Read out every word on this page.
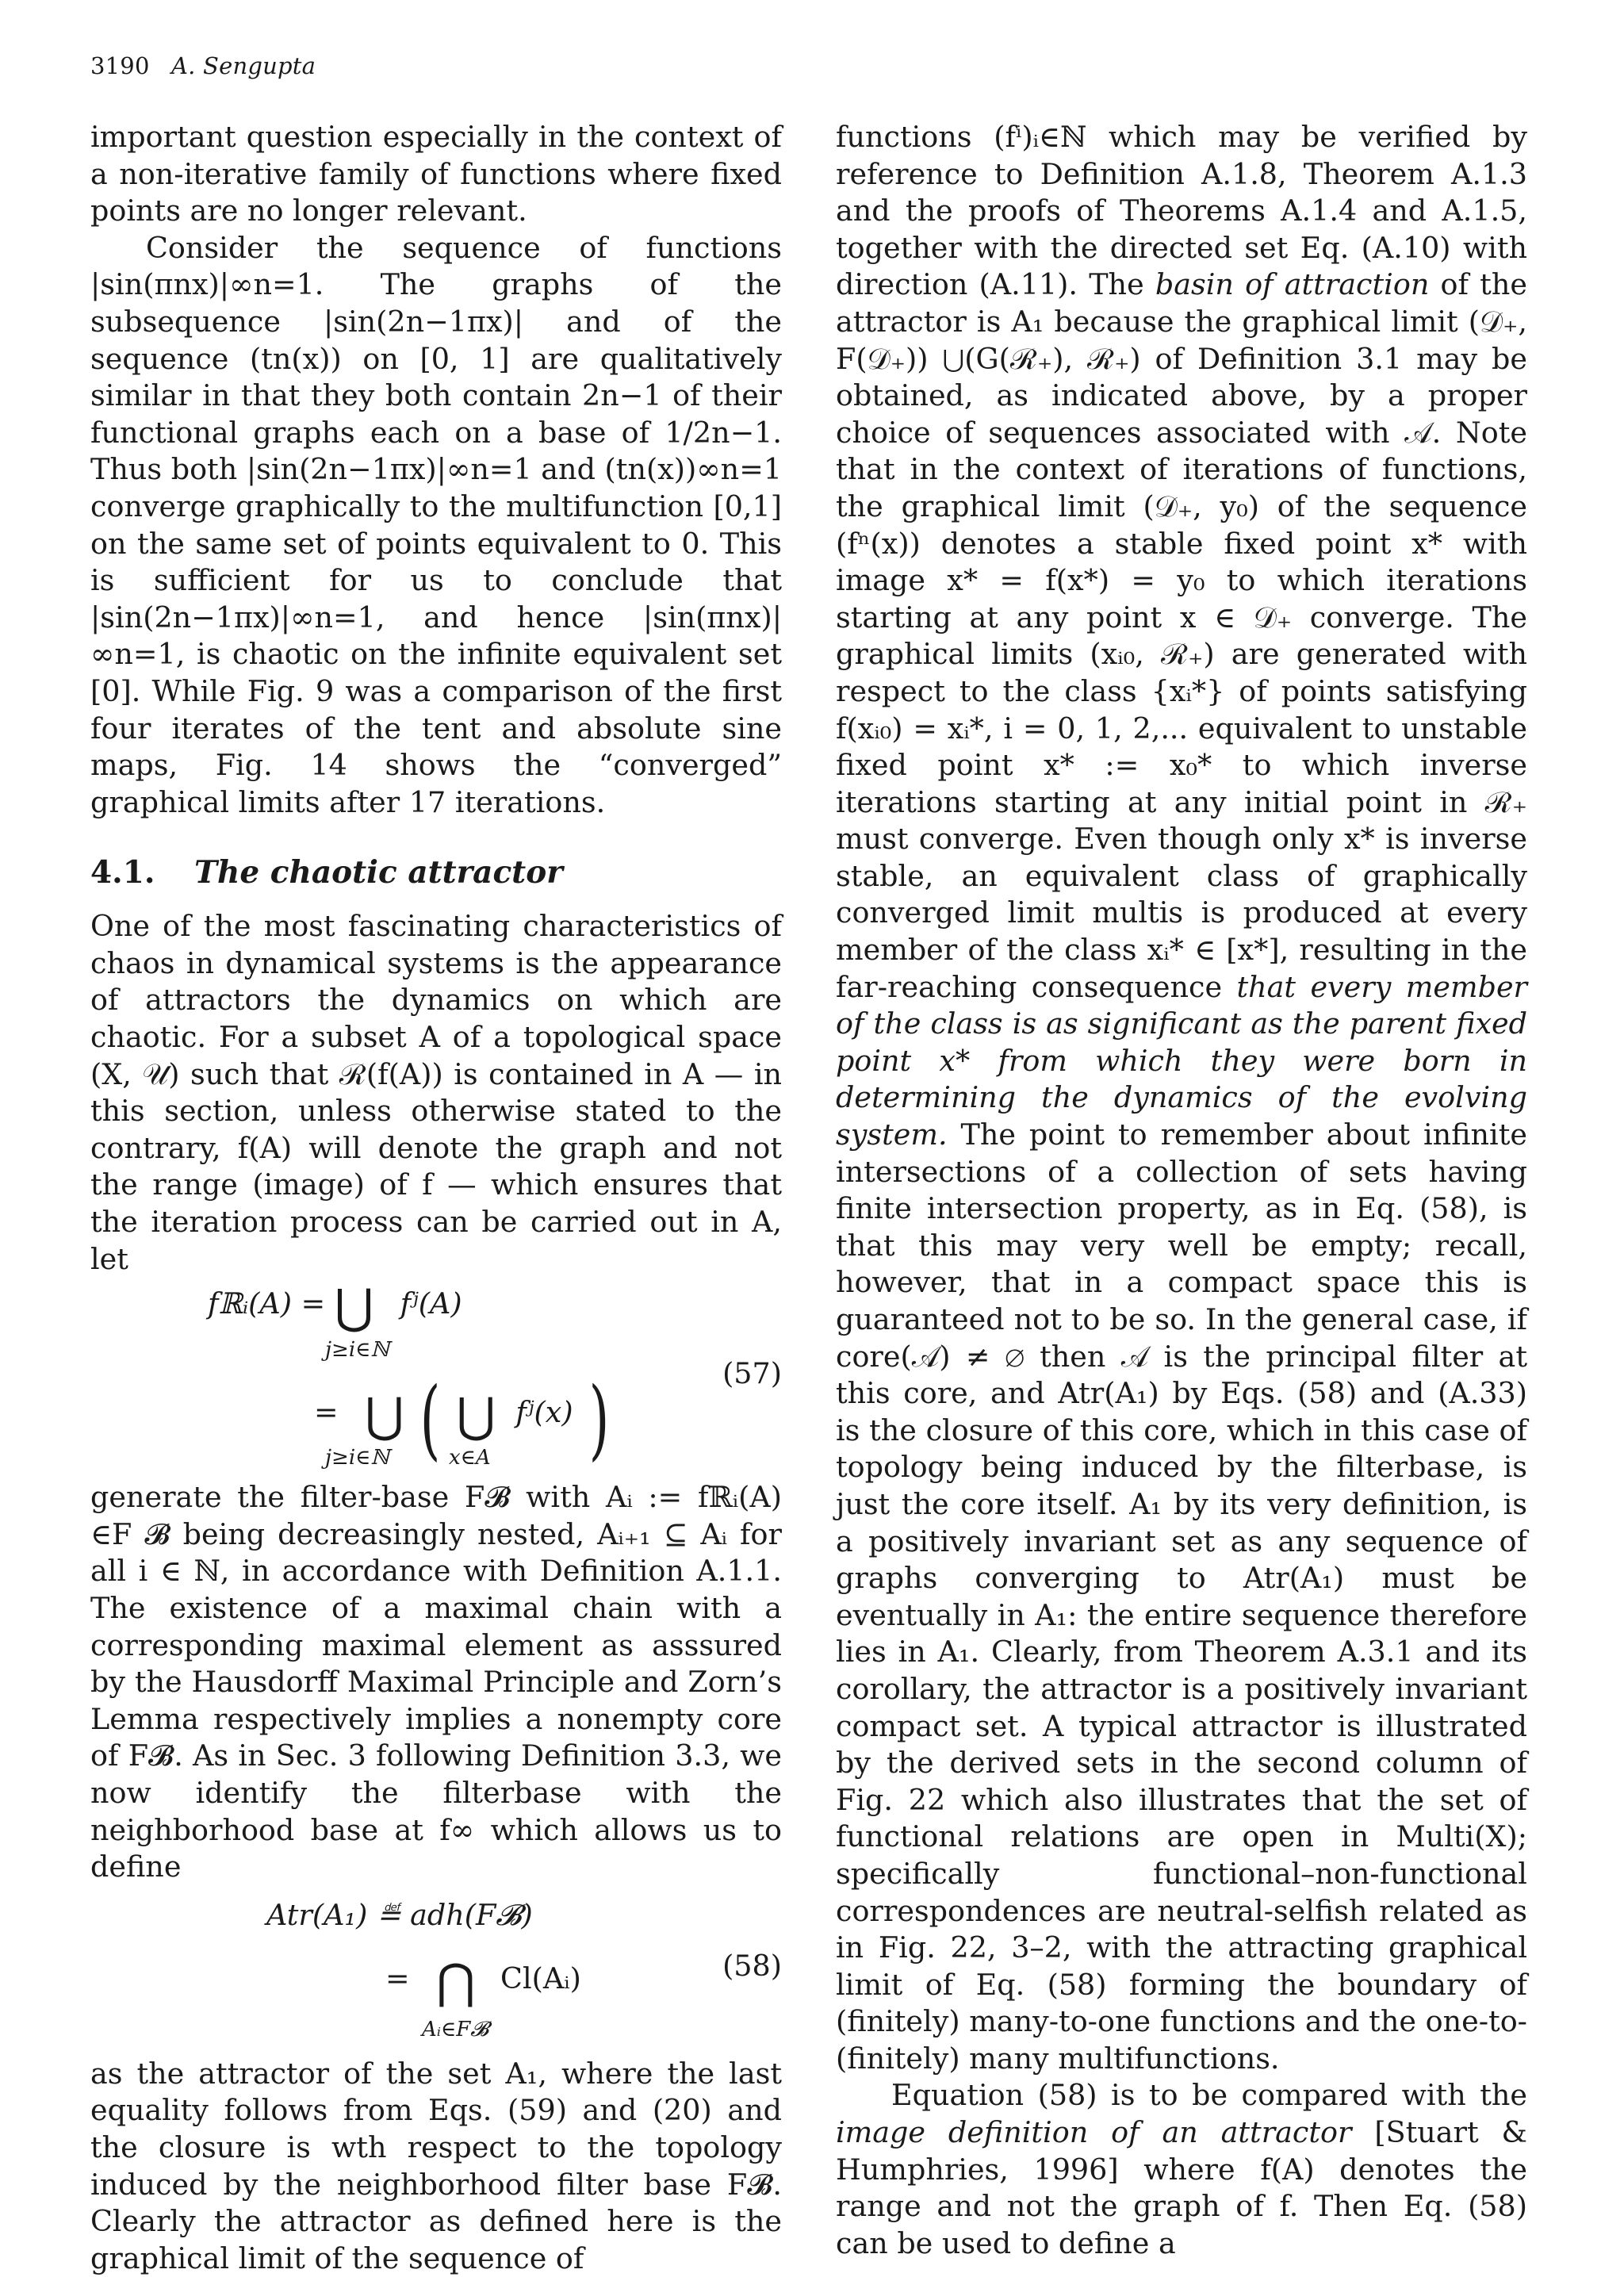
3190 A. Sengupta

important question especially in the context of a non-iterative family of functions where fixed points are no longer relevant.

Consider the sequence of functions |sin(πnx)|∞n=1. The graphs of the subsequence |sin(2n−1πx)| and of the sequence (tn(x)) on [0, 1] are qualitatively similar in that they both contain 2n−1 of their functional graphs each on a base of 1/2n−1. Thus both |sin(2n−1πx)|∞n=1 and (tn(x))∞n=1 converge graphically to the multifunction [0,1] on the same set of points equivalent to 0. This is sufficient for us to conclude that |sin(2n−1πx)|∞n=1, and hence |sin(πnx)|∞n=1, is chaotic on the infinite equivalent set [0]. While Fig. 9 was a comparison of the first four iterates of the tent and absolute sine maps, Fig. 14 shows the “converged” graphical limits after 17 iterations.

4.1. The chaotic attractor

One of the most fascinating characteristics of chaos in dynamical systems is the appearance of attractors the dynamics on which are chaotic. For a subset A of a topological space (X, 𝒰) such that ℛ(f(A)) is contained in A — in this section, unless otherwise stated to the contrary, f(A) will denote the graph and not the range (image) of f — which ensures that the iteration process can be carried out in A, let

fℝᵢ(A) = ⋃ fʲ(A)
j≥i∈ℕ
= ⋃ ( ⋃ fʲ(x) )
j≥i∈ℕ	x∈A
(57)

generate the filter-base F𝓑 with Aᵢ := fℝᵢ(A) ∈F 𝓑 being decreasingly nested, Aᵢ₊₁ ⊆ Aᵢ for all i ∈ ℕ, in accordance with Definition A.1.1. The existence of a maximal chain with a corresponding maximal element as asssured by the Hausdorff Maximal Principle and Zorn’s Lemma respectively implies a nonempty core of F𝓑. As in Sec. 3 following Definition 3.3, we now identify the filterbase with the neighborhood base at f∞ which allows us to define

Atr(A₁) ≝ adh(F𝓑)
= ⋂ Cl(Aᵢ)
Aᵢ∈F𝓑
(58)

as the attractor of the set A₁, where the last equality follows from Eqs. (59) and (20) and the closure is wth respect to the topology induced by the neighborhood filter base F𝓑. Clearly the attractor as defined here is the graphical limit of the sequence of

functions (fⁱ)ᵢ∈ℕ which may be verified by reference to Definition A.1.8, Theorem A.1.3 and the proofs of Theorems A.1.4 and A.1.5, together with the directed set Eq. (A.10) with direction (A.11). The basin of attraction of the attractor is A₁ because the graphical limit (𝒟₊, F(𝒟₊)) ⋃(G(ℛ₊), ℛ₊) of Definition 3.1 may be obtained, as indicated above, by a proper choice of sequences associated with 𝒜. Note that in the context of iterations of functions, the graphical limit (𝒟₊, y₀) of the sequence (fⁿ(x)) denotes a stable fixed point x* with image x* = f(x*) = y₀ to which iterations starting at any point x ∈ 𝒟₊ converge. The graphical limits (xᵢ₀, ℛ₊) are generated with respect to the class {xᵢ*} of points satisfying f(xᵢ₀) = xᵢ*, i = 0, 1, 2,... equivalent to unstable fixed point x* := x₀* to which inverse iterations starting at any initial point in ℛ₊ must converge. Even though only x* is inverse stable, an equivalent class of graphically converged limit multis is produced at every member of the class xᵢ* ∈ [x*], resulting in the far-reaching consequence that every member of the class is as significant as the parent fixed point x* from which they were born in determining the dynamics of the evolving system. The point to remember about infinite intersections of a collection of sets having finite intersection property, as in Eq. (58), is that this may very well be empty; recall, however, that in a compact space this is guaranteed not to be so. In the general case, if core(𝒜) ≠ ∅ then 𝒜 is the principal filter at this core, and Atr(A₁) by Eqs. (58) and (A.33) is the closure of this core, which in this case of topology being induced by the filterbase, is just the core itself. A₁ by its very definition, is a positively invariant set as any sequence of graphs converging to Atr(A₁) must be eventually in A₁: the entire sequence therefore lies in A₁. Clearly, from Theorem A.3.1 and its corollary, the attractor is a positively invariant compact set. A typical attractor is illustrated by the derived sets in the second column of Fig. 22 which also illustrates that the set of functional relations are open in Multi(X); specifically functional–non-functional correspondences are neutral-selfish related as in Fig. 22, 3–2, with the attracting graphical limit of Eq. (58) forming the boundary of (finitely) many-to-one functions and the one-to-(finitely) many multifunctions.

Equation (58) is to be compared with the image definition of an attractor [Stuart & Humphries, 1996] where f(A) denotes the range and not the graph of f. Then Eq. (58) can be used to define a
